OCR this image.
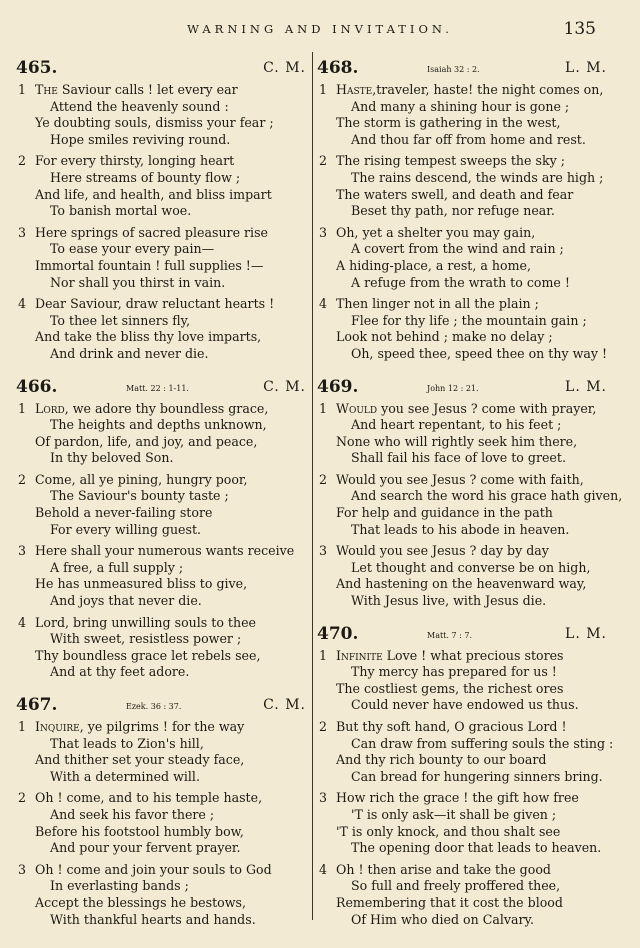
WARNING AND INVITATION.	135
465.	C. M.
1 The Saviour calls ! let every ear
Attend the heavenly sound :
Ye doubting souls, dismiss your fear ;
Hope smiles reviving round.
2 For every thirsty, longing heart
Here streams of bounty flow ;
And life, and health, and bliss impart
To banish mortal woe.
3 Here springs of sacred pleasure rise
To ease your every pain—
Immortal fountain ! full supplies !—
Nor shall you thirst in vain.
4 Dear Saviour, draw reluctant hearts !
To thee let sinners fly,
And take the bliss thy love imparts,
And drink and never die.
466.	Matt. 22 : 1-11.	C. M.
1 Lord, we adore thy boundless grace,
The heights and depths unknown,
Of pardon, life, and joy, and peace,
In thy beloved Son.
2 Come, all ye pining, hungry poor,
The Saviour's bounty taste ;
Behold a never-failing store
For every willing guest.
3 Here shall your numerous wants receive
A free, a full supply ;
He has unmeasured bliss to give,
And joys that never die.
4 Lord, bring unwilling souls to thee
With sweet, resistless power ;
Thy boundless grace let rebels see,
And at thy feet adore.
467.	Ezek. 36 : 37.	C. M.
1 Inquire, ye pilgrims ! for the way
That leads to Zion's hill,
And thither set your steady face,
With a determined will.
2 Oh ! come, and to his temple haste,
And seek his favor there ;
Before his footstool humbly bow,
And pour your fervent prayer.
3 Oh ! come and join your souls to God
In everlasting bands ;
Accept the blessings he bestows,
With thankful hearts and hands.
468.	Isaiah 32 : 2.	L. M.
1 Haste,traveler, haste! the night comes on,
And many a shining hour is gone ;
The storm is gathering in the west,
And thou far off from home and rest.
2 The rising tempest sweeps the sky ;
The rains descend, the winds are high ;
The waters swell, and death and fear
Beset thy path, nor refuge near.
3 Oh, yet a shelter you may gain,
A covert from the wind and rain ;
A hiding-place, a rest, a home,
A refuge from the wrath to come !
4 Then linger not in all the plain ;
Flee for thy life ; the mountain gain ;
Look not behind ; make no delay ;
Oh, speed thee, speed thee on thy way !
469.	John 12 : 21.	L. M.
1 Would you see Jesus ? come with prayer,
And heart repentant, to his feet ;
None who will rightly seek him there,
Shall fail his face of love to greet.
2 Would you see Jesus ? come with faith,
And search the word his grace hath given,
For help and guidance in the path
That leads to his abode in heaven.
3 Would you see Jesus ? day by day
Let thought and converse be on high,
And hastening on the heavenward way,
With Jesus live, with Jesus die.
470.	Matt. 7 : 7.	L. M.
1 Infinite Love ! what precious stores
Thy mercy has prepared for us !
The costliest gems, the richest ores
Could never have endowed us thus.
2 But thy soft hand, O gracious Lord !
Can draw from suffering souls the sting :
And thy rich bounty to our board
Can bread for hungering sinners bring.
3 How rich the grace ! the gift how free
'T is only ask—it shall be given ;
'T is only knock, and thou shalt see
The opening door that leads to heaven.
4 Oh ! then arise and take the good
So full and freely proffered thee,
Remembering that it cost the blood
Of Him who died on Calvary.
